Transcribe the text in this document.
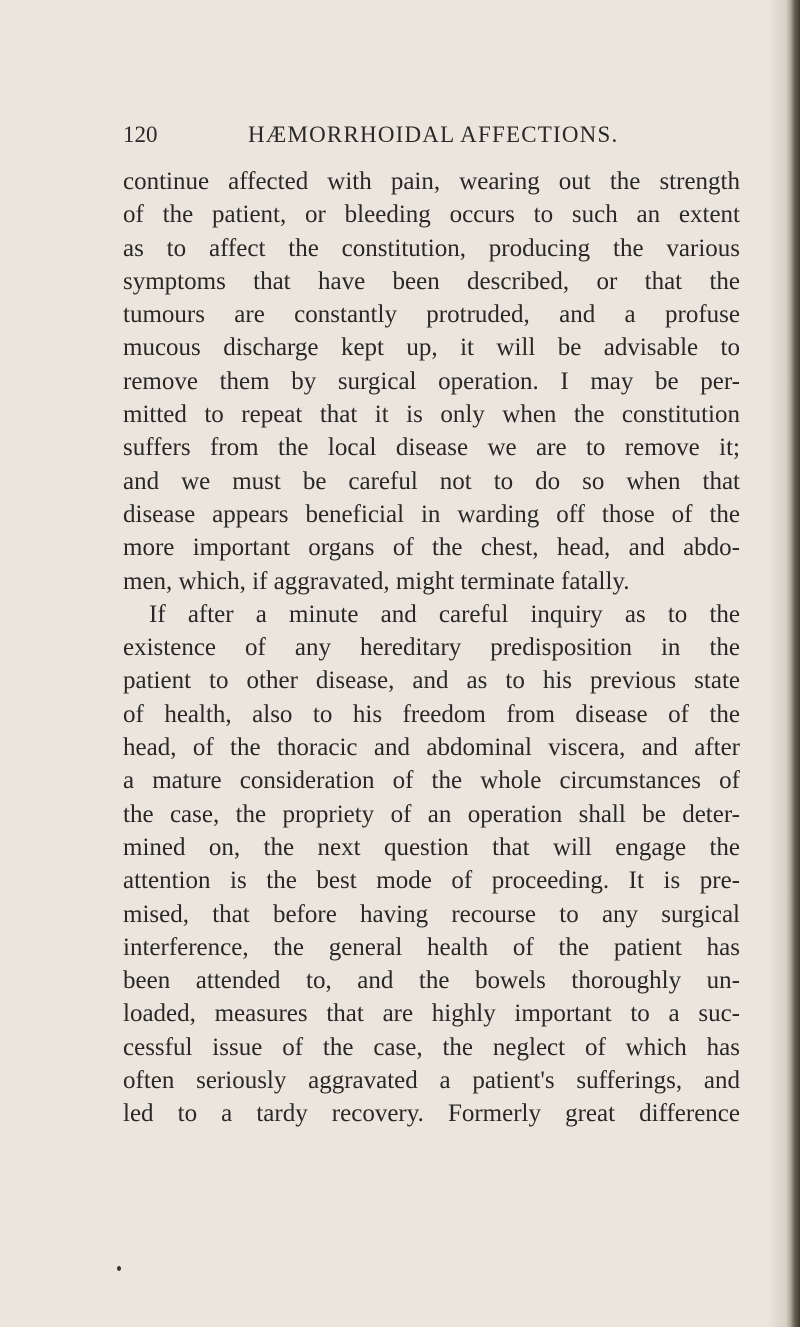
120	HÆMORRHOIDAL AFFECTIONS.
continue affected with pain, wearing out the strength
of the patient, or bleeding occurs to such an extent
as to affect the constitution, producing the various
symptoms that have been described, or that the
tumours are constantly protruded, and a profuse
mucous discharge kept up, it will be advisable to
remove them by surgical operation. I may be per-
mitted to repeat that it is only when the constitution
suffers from the local disease we are to remove it;
and we must be careful not to do so when that
disease appears beneficial in warding off those of the
more important organs of the chest, head, and abdo-
men, which, if aggravated, might terminate fatally.
If after a minute and careful inquiry as to the
existence of any hereditary predisposition in the
patient to other disease, and as to his previous state
of health, also to his freedom from disease of the
head, of the thoracic and abdominal viscera, and after
a mature consideration of the whole circumstances of
the case, the propriety of an operation shall be deter-
mined on, the next question that will engage the
attention is the best mode of proceeding. It is pre-
mised, that before having recourse to any surgical
interference, the general health of the patient has
been attended to, and the bowels thoroughly un-
loaded, measures that are highly important to a suc-
cessful issue of the case, the neglect of which has
often seriously aggravated a patient's sufferings, and
led to a tardy recovery. Formerly great difference
